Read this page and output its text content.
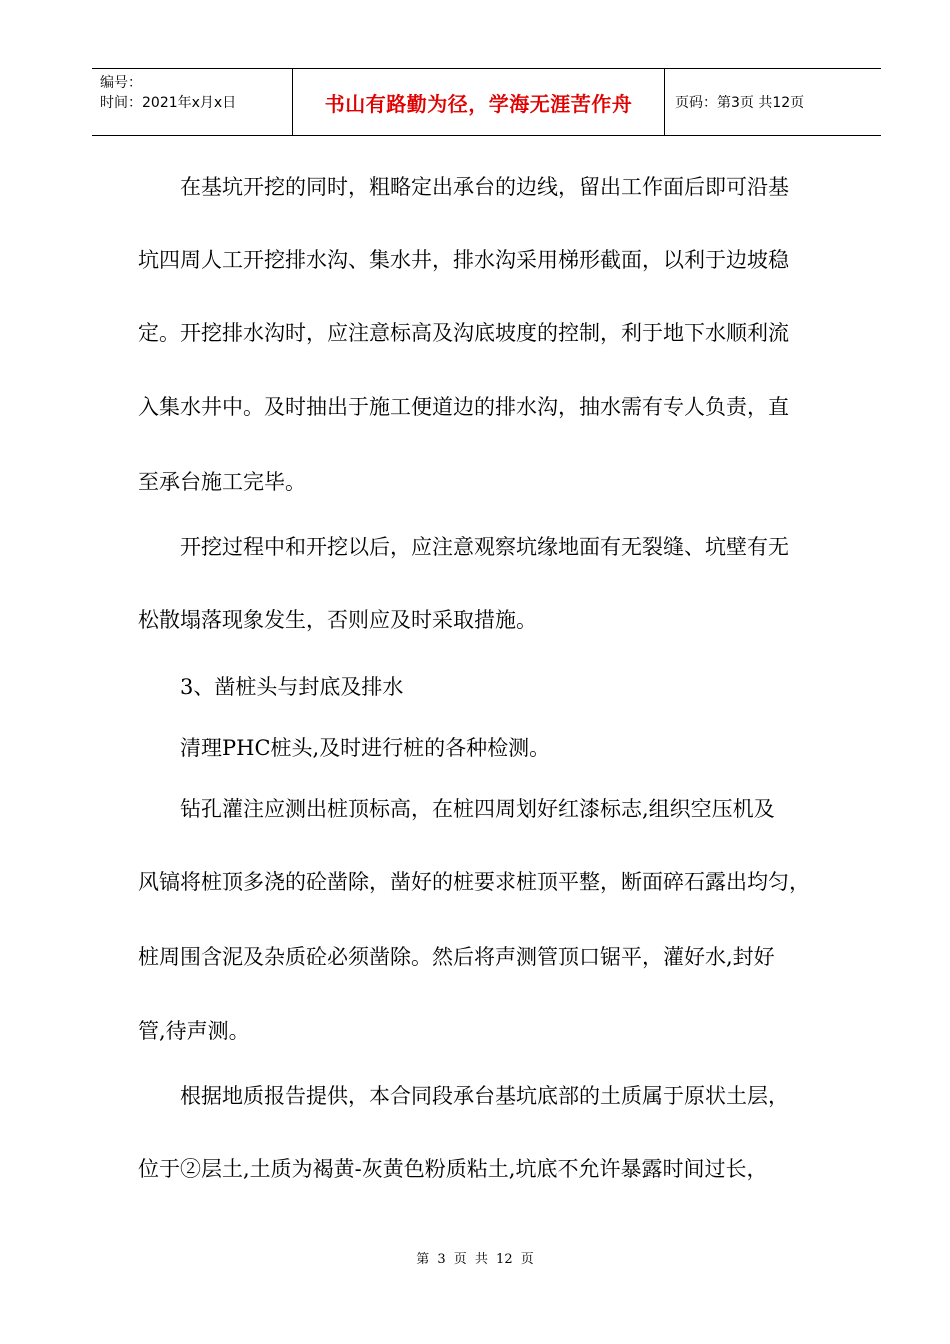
编号：
时间：2021年x月x日	书山有路勤为径，学海无涯苦作舟	页码：第3页 共12页

　　在基坑开挖的同时，粗略定出承台的边线，留出工作面后即可沿基

坑四周人工开挖排水沟、集水井，排水沟采用梯形截面，以利于边坡稳

定。开挖排水沟时，应注意标高及沟底坡度的控制，利于地下水顺利流

入集水井中。及时抽出于施工便道边的排水沟，抽水需有专人负责，直

至承台施工完毕。

　　开挖过程中和开挖以后，应注意观察坑缘地面有无裂缝、坑壁有无

松散塌落现象发生，否则应及时采取措施。

　　3、凿桩头与封底及排水

　　清理PHC桩头,及时进行桩的各种检测。

　　钻孔灌注应测出桩顶标高，在桩四周划好红漆标志,组织空压机及

风镐将桩顶多浇的砼凿除，凿好的桩要求桩顶平整，断面碎石露出均匀，

桩周围含泥及杂质砼必须凿除。然后将声测管顶口锯平，灌好水,封好

管,待声测。

　　根据地质报告提供，本合同段承台基坑底部的土质属于原状土层，

位于②层土,土质为褐黄-灰黄色粉质粘土,坑底不允许暴露时间过长，

第 3 页 共 12 页
